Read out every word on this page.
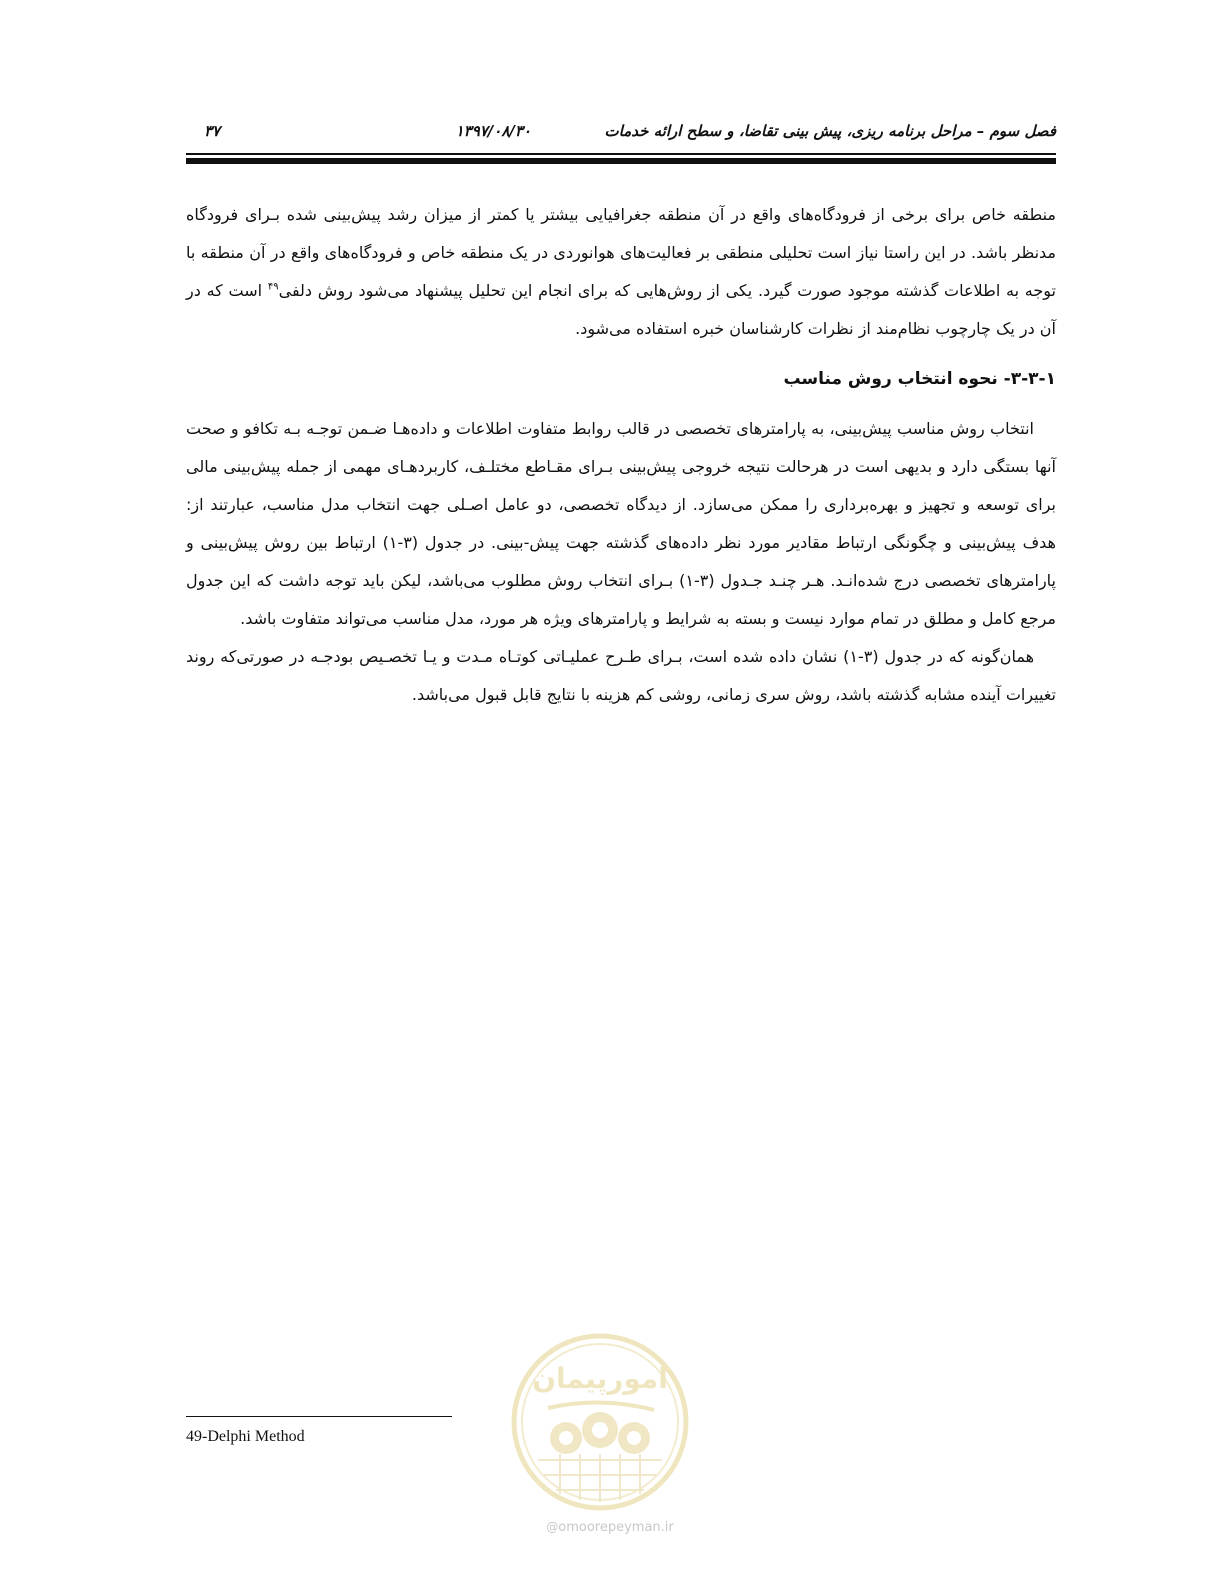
فصل سوم – مراحل برنامه ریزی، پیش بینی تقاضا، و سطح ارائه خدمات
۱۳۹۷/۰۸/۳۰
۳۷

منطقه خاص برای برخی از فرودگاه‌های واقع در آن منطقه جغرافیایی بیشتر یا کمتر از میزان رشد پیش‌بینی شده بـرای فرودگاه مدنظر باشد. در این راستا نیاز است تحلیلی منطقی بر فعالیت‌های هوانوردی در یک منطقه خاص و فرودگاه‌های واقع در آن منطقه با توجه به اطلاعات گذشته موجود صورت گیرد. یکی از روش‌هایی که برای انجام این تحلیل پیشنهاد می‌شود روش دلفی$^{۴۹}$ است که در آن در یک چارچوب نظام‌مند از نظرات کارشناسان خبره استفاده می‌شود.

۳-۳-۱- نحوه انتخاب روش مناسب

انتخاب روش مناسب پیش‌بینی، به پارامترهای تخصصی در قالب روابط متفاوت اطلاعات و داده‌هـا ضـمن توجـه بـه تکافو و صحت آنها بستگی دارد و بدیهی است در هرحالت نتیجه خروجی پیش‌بینی بـرای مقـاطع مختلـف، کاربردهـای مهمی از جمله پیش‌بینی مالی برای توسعه و تجهیز و بهره‌برداری را ممکن می‌سازد. از دیدگاه تخصصی، دو عامل اصـلی جهت انتخاب مدل مناسب، عبارتند از: هدف پیش‌بینی و چگونگی ارتباط مقادیر مورد نظر داده‌های گذشته جهت پیش-بینی. در جدول (۳-۱) ارتباط بین روش پیش‌بینی و پارامترهای تخصصی درج شده‌انـد. هـر چنـد جـدول (۳-۱) بـرای انتخاب روش مطلوب می‌باشد، لیکن باید توجه داشت که این جدول مرجع کامل و مطلق در تمام موارد نیست و بسته به شرایط و پارامترهای ویژه هر مورد، مدل مناسب می‌تواند متفاوت باشد.

همان‌گونه که در جدول (۳-۱) نشان داده شده است، بـرای طـرح عملیـاتی کوتـاه مـدت و یـا تخصـیص بودجـه در صورتی‌که روند تغییرات آینده مشابه گذشته باشد، روش سری زمانی، روشی کم هزینه با نتایج قابل قبول می‌باشد.

امورپیمان
@omoorepeyman.ir
49-Delphi Method
